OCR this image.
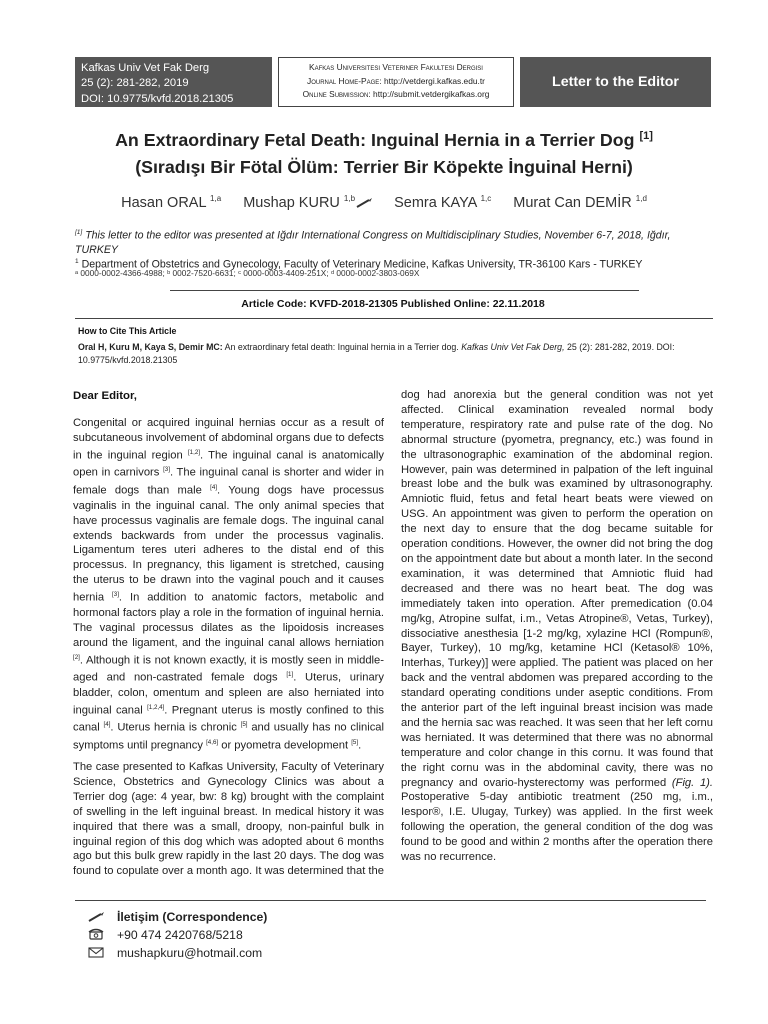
Kafkas Univ Vet Fak Derg
25 (2): 281-282, 2019
DOI: 10.9775/kvfd.2018.21305
Kafkas Universitesi Veteriner Fakultesi Dergisi
Journal Home-Page: http://vetdergi.kafkas.edu.tr
Online Submission: http://submit.vetdergikafkas.org
Letter to the Editor
An Extraordinary Fetal Death: Inguinal Hernia in a Terrier Dog [1]
(Sıradışı Bir Fötal Ölüm: Terrier Bir Köpekte İnguinal Herni)
Hasan ORAL $^{1,a}$ Mushap KURU $^{1,b}$	Semra KAYA $^{1,c}$ Murat Can DEMİR $^{1,d}$
[1] This letter to the editor was presented at Iğdır International Congress on Multidisciplinary Studies, November 6-7, 2018, Iğdır, TURKEY
$^1$ Department of Obstetrics and Gynecology, Faculty of Veterinary Medicine, Kafkas University, TR-36100 Kars - TURKEY
ᵃ 0000-0002-4366-4988; ᵇ 0002-7520-6631; ᶜ 0000-0003-4409-251X; ᵈ 0000-0002-3803-069X
Article Code: KVFD-2018-21305 Published Online: 22.11.2018
How to Cite This Article
Oral H, Kuru M, Kaya S, Demir MC: An extraordinary fetal death: Inguinal hernia in a Terrier dog. Kafkas Univ Vet Fak Derg, 25 (2): 281-282, 2019. DOI: 10.9775/kvfd.2018.21305
Dear Editor,

Congenital or acquired inguinal hernias occur as a result of subcutaneous involvement of abdominal organs due to defects in the inguinal region [1,2]. The inguinal canal is anatomically open in carnivors [3]. The inguinal canal is shorter and wider in female dogs than male [4]. Young dogs have processus vaginalis in the inguinal canal. The only animal species that have processus vaginalis are female dogs. The inguinal canal extends backwards from under the processus vaginalis. Ligamentum teres uteri adheres to the distal end of this processus. In pregnancy, this ligament is stretched, causing the uterus to be drawn into the vaginal pouch and it causes hernia [3]. In addition to anatomic factors, metabolic and hormonal factors play a role in the formation of inguinal hernia. The vaginal processus dilates as the lipoidosis increases around the ligament, and the inguinal canal allows herniation [2]. Although it is not known exactly, it is mostly seen in middle-aged and non-castrated female dogs [1]. Uterus, urinary bladder, colon, omentum and spleen are also herniated into inguinal canal [1,2,4]. Pregnant uterus is mostly confined to this canal [4]. Uterus hernia is chronic [5] and usually has no clinical symptoms until pregnancy [4,6] or pyometra development [5].

The case presented to Kafkas University, Faculty of Veterinary Science, Obstetrics and Gynecology Clinics was about a Terrier dog (age: 4 year, bw: 8 kg) brought with the complaint of swelling in the left inguinal breast. In medical history it was inquired that there was a small, droopy, non-painful bulk in inguinal region of this dog which was adopted about 6 months ago but this bulk grew rapidly in the last 20 days. The dog was found to copulate over a month ago. It was determined that the

dog had anorexia but the general condition was not yet affected. Clinical examination revealed normal body temperature, respiratory rate and pulse rate of the dog. No abnormal structure (pyometra, pregnancy, etc.) was found in the ultrasonographic examination of the abdominal region. However, pain was determined in palpation of the left inguinal breast lobe and the bulk was examined by ultrasonography. Amniotic fluid, fetus and fetal heart beats were viewed on USG. An appointment was given to perform the operation on the next day to ensure that the dog became suitable for operation conditions. However, the owner did not bring the dog on the appointment date but about a month later. In the second examination, it was determined that Amniotic fluid had decreased and there was no heart beat. The dog was immediately taken into operation. After premedication (0.04 mg/kg, Atropine sulfat, i.m., Vetas Atropine®, Vetas, Turkey), dissociative anesthesia [1-2 mg/kg, xylazine HCl (Rompun®, Bayer, Turkey), 10 mg/kg, ketamine HCl (Ketasol® 10%, Interhas, Turkey)] were applied. The patient was placed on her back and the ventral abdomen was prepared according to the standard operating conditions under aseptic conditions. From the anterior part of the left inguinal breast incision was made and the hernia sac was reached. It was seen that her left cornu was herniated. It was determined that there was no abnormal temperature and color change in this cornu. It was found that the right cornu was in the abdominal cavity, there was no pregnancy and ovario-hysterectomy was performed (Fig. 1). Postoperative 5-day antibiotic treatment (250 mg, i.m., Iespor®, I.E. Ulugay, Turkey) was applied. In the first week following the operation, the general condition of the dog was found to be good and within 2 months after the operation there was no recurrence.

İletişim (Correspondence)
+90 474 2420768/5218
mushapkuru@hotmail.com
